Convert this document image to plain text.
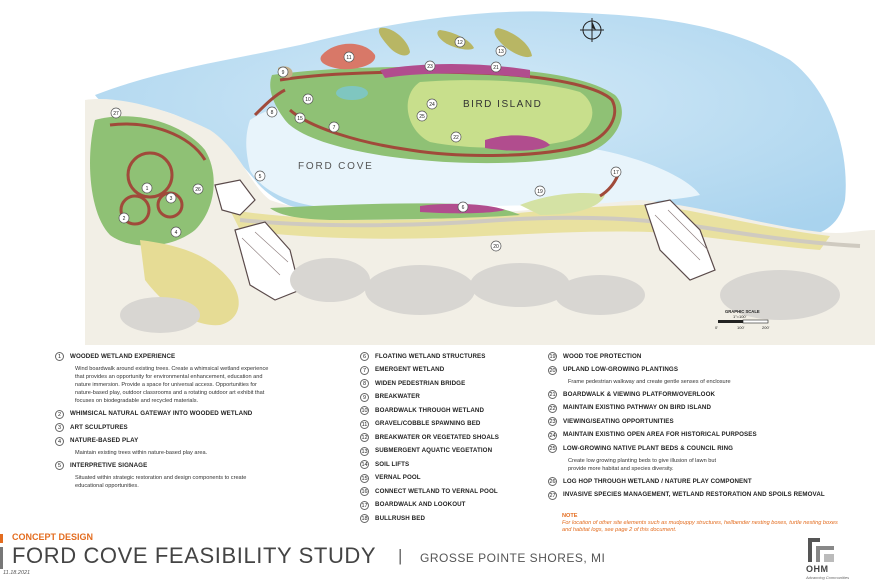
1
2
3
4
5
6
7
8
9
10
11
12
13
15
17
19
20
21
22
23
24
25
26
27
BIRD ISLAND
FORD COVE
GRAPHIC SCALE
1"=100'
0'	100'	200'
1	WOODED WETLAND EXPERIENCE
Wind boardwalk around existing trees. Create a whimsical wetland experience
that provides an opportunity for environmental enhancement, education and
nature immersion. Provide a space for universal access. Opportunities for
nature-based play, outdoor classrooms and a rotating outdoor art exhibit that
focuses on biodegradable and recycled materials.
2	WHIMSICAL NATURAL GATEWAY INTO WOODED WETLAND
3	ART SCULPTURES
4	NATURE-BASED PLAY
Maintain existing trees within nature-based play area.
5	INTERPRETIVE SIGNAGE
Situated within strategic restoration and design components to create
educational opportunities.
6	FLOATING WETLAND STRUCTURES
7	EMERGENT WETLAND
8	WIDEN PEDESTRIAN BRIDGE
9	BREAKWATER
10 BOARDWALK THROUGH WETLAND
11 GRAVEL/COBBLE SPAWNING BED
12 BREAKWATER OR VEGETATED SHOALS
13 SUBMERGENT AQUATIC VEGETATION
14 SOIL LIFTS
15 VERNAL POOL
16 CONNECT WETLAND TO VERNAL POOL
17 BOARDWALK AND LOOKOUT
18 BULLRUSH BED
19 WOOD TOE PROTECTION
20 UPLAND LOW-GROWING PLANTINGS
Frame pedestrian walkway and create gentle senses of enclosure
21 BOARDWALK & VIEWING PLATFORM/OVERLOOK
22 MAINTAIN EXISTING PATHWAY ON BIRD ISLAND
23 VIEWING/SEATING OPPORTUNITIES
24 MAINTAIN EXISTING OPEN AREA FOR HISTORICAL PURPOSES
25 LOW-GROWING NATIVE PLANT BEDS & COUNCIL RING
Create low growing planting beds to give illusion of lawn but
provide more habitat and species diversity.
26 LOG HOP THROUGH WETLAND / NATURE PLAY COMPONENT
27 INVASIVE SPECIES MANAGEMENT, WETLAND RESTORATION AND SPOILS REMOVAL
NOTE
For location of other site elements such as mudpuppy structures, hellbender nesting boxes, turtle nesting boxes and habitat logs, see page 2 of this document.
CONCEPT DESIGN
FORD COVE FEASIBILITY STUDY | GROSSE POINTE SHORES, MI
11.18.2021	OHM
Advancing Communities
